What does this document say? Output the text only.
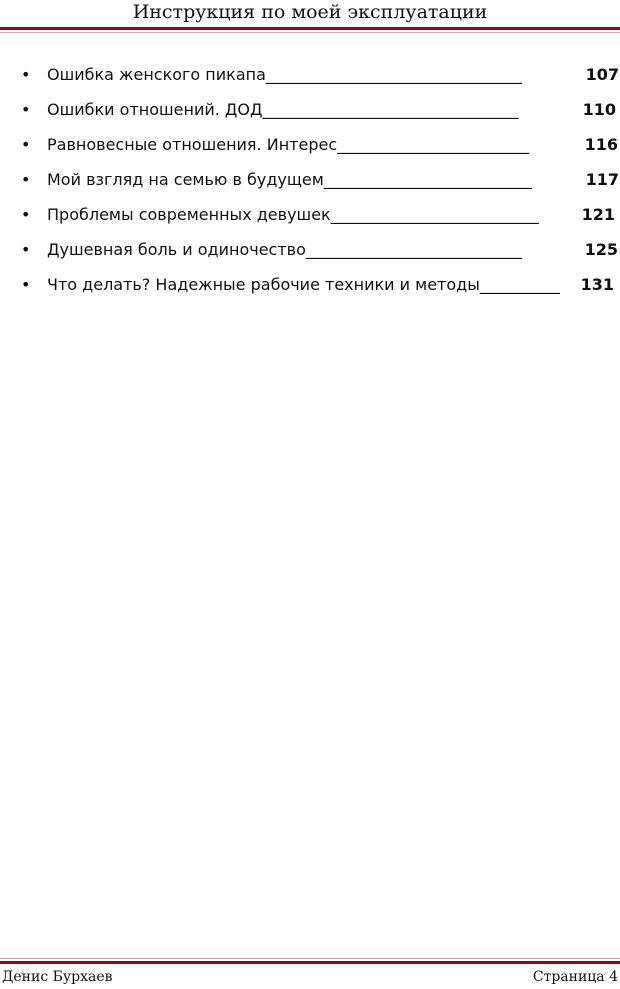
Инструкция по моей эксплуатации
• Ошибка женского пикапа________________________________	107
• Ошибки отношений. ДОД________________________________	110
• Равновесные отношения. Интерес________________________	116
• Мой взгляд на семью в будущем__________________________	117
• Проблемы современных девушек__________________________	121
• Душевная боль и одиночество___________________________	125
• Что делать? Надежные рабочие техники и методы__________ 131
Денис Бурхаев	Страница 4
